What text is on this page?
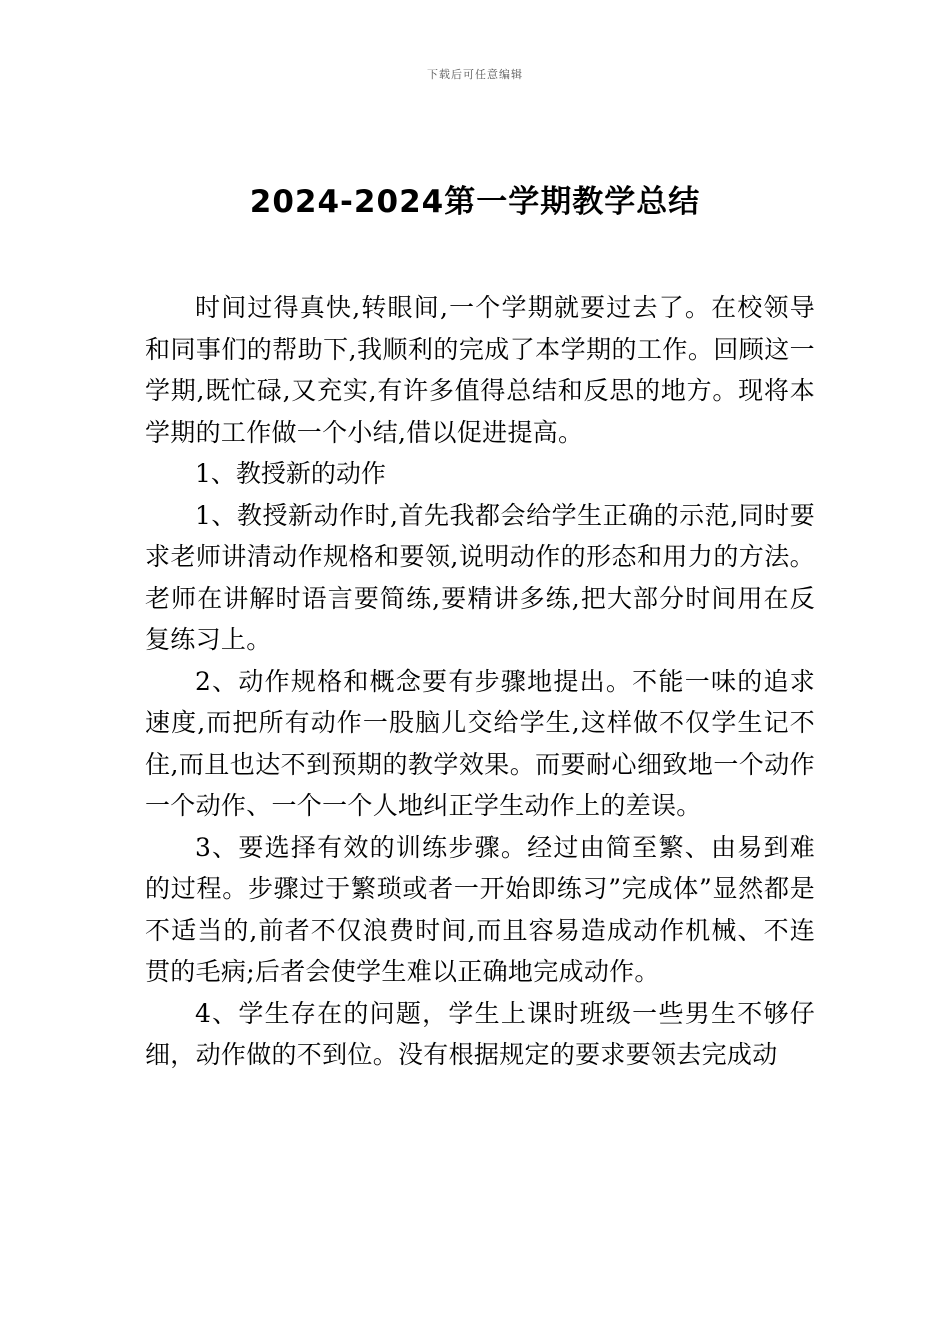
下载后可任意编辑
2024-2024第一学期教学总结

时间过得真快,转眼间,一个学期就要过去了。在校领导和同事们的帮助下,我顺利的完成了本学期的工作。回顾这一学期,既忙碌,又充实,有许多值得总结和反思的地方。现将本学期的工作做一个小结,借以促进提高。

1、教授新的动作

1、教授新动作时,首先我都会给学生正确的示范,同时要求老师讲清动作规格和要领,说明动作的形态和用力的方法。老师在讲解时语言要简练,要精讲多练,把大部分时间用在反复练习上。

2、动作规格和概念要有步骤地提出。不能一味的追求速度,而把所有动作一股脑儿交给学生,这样做不仅学生记不住,而且也达不到预期的教学效果。而要耐心细致地一个动作一个动作、一个一个人地纠正学生动作上的差误。

3、要选择有效的训练步骤。经过由简至繁、由易到难的过程。步骤过于繁琐或者一开始即练习”完成体”显然都是不适当的,前者不仅浪费时间,而且容易造成动作机械、不连贯的毛病;后者会使学生难以正确地完成动作。

4、学生存在的问题，学生上课时班级一些男生不够仔细，动作做的不到位。没有根据规定的要求要领去完成动
